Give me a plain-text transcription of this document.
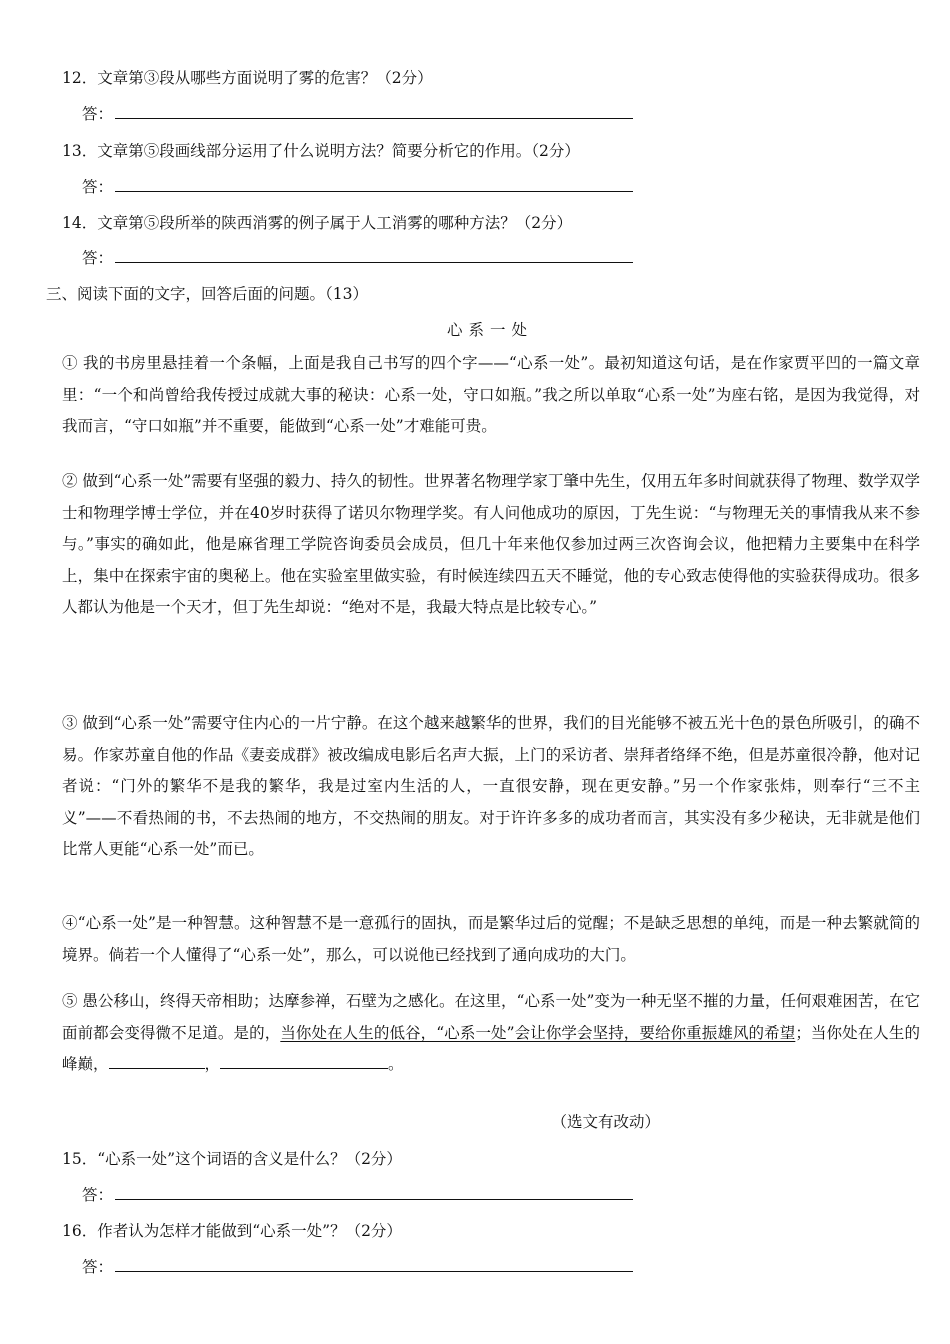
12．文章第③段从哪些方面说明了雾的危害？（2分）
答：
13．文章第⑤段画线部分运用了什么说明方法？简要分析它的作用。（2分）
答：
14．文章第⑤段所举的陕西消雾的例子属于人工消雾的哪种方法？（2分）
答：
三、阅读下面的文字，回答后面的问题。（13）
心系一处
① 我的书房里悬挂着一个条幅，上面是我自己书写的四个字——“心系一处”。最初知道这句话，是在作家贾平凹的一篇文章里：“一个和尚曾给我传授过成就大事的秘诀：心系一处，守口如瓶。”我之所以单取“心系一处”为座右铭，是因为我觉得，对我而言，“守口如瓶”并不重要，能做到“心系一处”才难能可贵。
② 做到“心系一处”需要有坚强的毅力、持久的韧性。世界著名物理学家丁肇中先生，仅用五年多时间就获得了物理、数学双学士和物理学博士学位，并在40岁时获得了诺贝尔物理学奖。有人问他成功的原因，丁先生说：“与物理无关的事情我从来不参与。”事实的确如此，他是麻省理工学院咨询委员会成员，但几十年来他仅参加过两三次咨询会议，他把精力主要集中在科学上，集中在探索宇宙的奥秘上。他在实验室里做实验，有时候连续四五天不睡觉，他的专心致志使得他的实验获得成功。很多人都认为他是一个天才，但丁先生却说：“绝对不是，我最大特点是比较专心。”
③ 做到“心系一处”需要守住内心的一片宁静。在这个越来越繁华的世界，我们的目光能够不被五光十色的景色所吸引，的确不易。作家苏童自他的作品《妻妾成群》被改编成电影后名声大振，上门的采访者、崇拜者络绎不绝，但是苏童很冷静，他对记者说：“门外的繁华不是我的繁华，我是过室内生活的人，一直很安静，现在更安静。”另一个作家张炜，则奉行“三不主义”——不看热闹的书，不去热闹的地方，不交热闹的朋友。对于许许多多的成功者而言，其实没有多少秘诀，无非就是他们比常人更能“心系一处”而已。
④“心系一处”是一种智慧。这种智慧不是一意孤行的固执，而是繁华过后的觉醒；不是缺乏思想的单纯，而是一种去繁就简的境界。倘若一个人懂得了“心系一处”，那么，可以说他已经找到了通向成功的大门。
⑤ 愚公移山，终得天帝相助；达摩参禅，石壁为之感化。在这里，“心系一处”变为一种无坚不摧的力量，任何艰难困苦，在它面前都会变得微不足道。是的，当你处在人生的低谷，“心系一处”会让你学会坚持，要给你重振雄风的希望；当你处在人生的峰巅，	，	。
（选文有改动）
15．“心系一处”这个词语的含义是什么？（2分）
答：
16．作者认为怎样才能做到“心系一处”？（2分）
答：
